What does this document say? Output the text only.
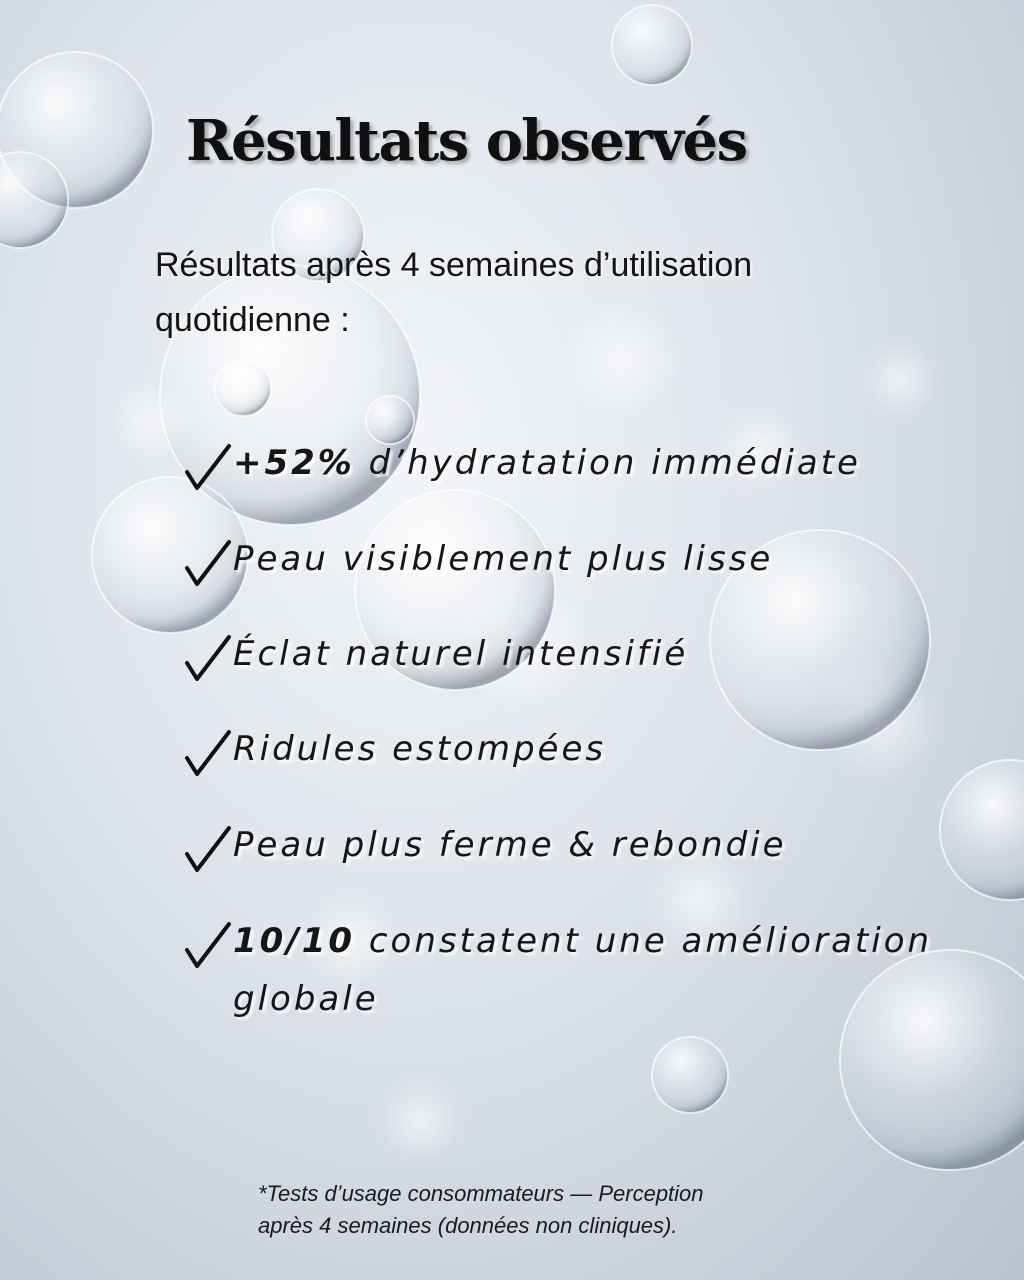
Résultats observés

Résultats après 4 semaines d’utilisation quotidienne :

+52% d’hydratation immédiate
Peau visiblement plus lisse
Éclat naturel intensifié
Ridules estompées
Peau plus ferme & rebondie
10/10 constatent une amélioration globale

*Tests d’usage consommateurs — Perception
après 4 semaines (données non cliniques).
